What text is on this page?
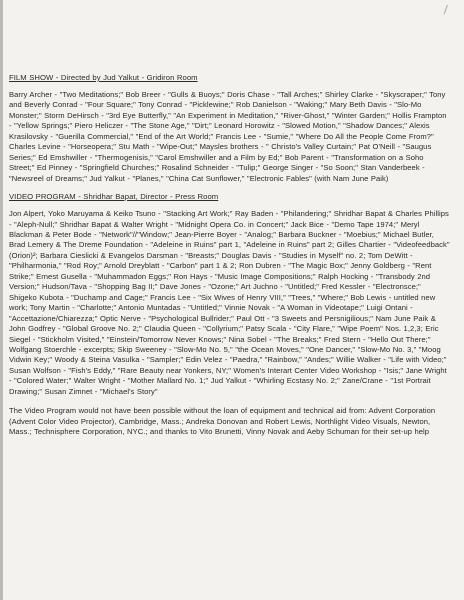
FILM SHOW - Directed by Jud Yalkut - Gridiron Room

Barry Archer - "Two Meditations;" Bob Breer - "Gulls & Buoys;" Doris Chase - "Tall Arches;" Shirley Clarke - "Skyscraper;" Tony and Beverly Conrad - "Four Square;" Tony Conrad - "Picklewine;" Rob Danielson - "Waking;" Mary Beth Davis - "Slo-Mo Monster;" Storm DeHirsch - "3rd Eye Butterfly," "An Experiment in Meditation," "River-Ghost," "Winter Garden;" Hollis Frampton - "Yellow Springs;" Piero Heliczer - "The Stone Age," "Dirt;" Leonard Horowitz - "Slowed Motion," "Shadow Dances;" Alexis Krasilovsky - "Guerilla Commercial," "End of the Art World;" Francis Lee - "Sumie," "Where Do All the People Come From?" Charles Levine - "Horseopera;" Stu Math - "Wipe-Out;" Maysles brothers - " Christo's Valley Curtain;" Pat O'Neill - "Saugus Series;" Ed Emshwiller - "Thermogenisis," "Carol Emshwiller and a Film by Ed;" Bob Parent - "Transformation on a Soho Street;" Ed Pinney - "Springfield Churches;" Rosalind Schneider - "Tulip;" George Singer - "So Soon;" Stan Vanderbeek - "Newsreel of Dreams;" Jud Yalkut - "Planes," "China Cat Sunflower," "Electronic Fables" (with Nam June Paik)

VIDEO PROGRAM - Shridhar Bapat, Director - Press Room

Jon Alpert, Yoko Maruyama & Keiko Tsuno - "Stacking Art Work;" Ray Baden - "Philandering;" Shridhar Bapat & Charles Phillips - "Aleph-Null;" Shridhar Bapat & Walter Wright - "Midnight Opera Co. in Concert;" Jack Bice - "Demo Tape 1974;" Meryl Blackman & Peter Bode - "Network"//"Window;" Jean-Pierre Boyer - "Analog;" Barbara Buckner - "Moebius;" Michael Butler, Brad Lemery & The Dreme Foundation - "Adeleine in Ruins" part 1, "Adeleine in Ruins" part 2; Gilles Chartier - "Videofeedback" (Orion)²; Barbara Cieslicki & Evangelos Darsman - "Breasts;" Douglas Davis - "Studies in Myself" no. 2; Tom DeWitt - "Philharmonia," "Rod Roy;" Arnold Dreyblatt - "Carbon" part 1 & 2; Ron Dubren - "The Magic Box;" Jenny Goldberg - "Rent Strike;" Ernest Gusella - "Muhammadon Eggs;" Ron Hays - "Music Image Compositions;" Ralph Hocking - "Transbody 2nd Version;" Hudson/Tava - "Shopping Bag II;" Dave Jones - "Ozone;" Art Juchno - "Untitled;" Fred Kessler - "Electronsce;" Shigeko Kubota - "Duchamp and Cage;" Francis Lee - "Six Wives of Henry VIII," "Trees," "Where;" Bob Lewis - untitled new work; Tony Martin - "Charlotte;" Antonio Muntadas - "Untitled;" Vinnie Novak - "A Woman in Videotape;" Luigi Ontani - "Accettazione/Chiarezza;" Optic Nerve - "Psychological Bullrider;" Paul Ott - "3 Sweets and Persnigilious;" Nam June Paik & John Godfrey - "Global Groove No. 2;" Claudia Queen - "Collyrium;" Patsy Scala - "City Flare," "Wipe Poem" Nos. 1,2,3; Eric Siegel - "Stickholm Visited," "Einstein/Tomorrow Never Knows;" Nina Sobel - "The Breaks;" Fred Stern - "Hello Out There;" Wolfgang Stoerchle - excerpts; Skip Sweeney - "Slow-Mo No. 5," "the Ocean Moves," "One Dancer," "Slow-Mo No. 3," "Moog Vidwin Key;" Woody & Steina Vasulka - "Sampler;" Edin Velez - "Paedra," "Rainbow," "Andes;" Willie Walker - "Life with Video;" Susan Wolfson - "Fish's Eddy," "Rare Beauty near Yonkers, NY;" Women's Interart Center Video Workshop - "Isis;" Jane Wright - "Colored Water;" Walter Wright - "Mother Mallard No. 1;" Jud Yalkut - "Whirling Ecstasy No. 2;" Zane/Crane - "1st Portrait Drawing;" Susan Zimnet - "Michael's Story"

The Video Program would not have been possible without the loan of equipment and technical aid from: Advent Corporation (Advent Color Video Projector), Cambridge, Mass.; Andreka Donovan and Robert Lewis, Northlight Video Visuals, Newton, Mass.; Technisphere Corporation, NYC.; and thanks to Vito Brunetti, Vinny Novak and Aeby Schuman for their set-up help
